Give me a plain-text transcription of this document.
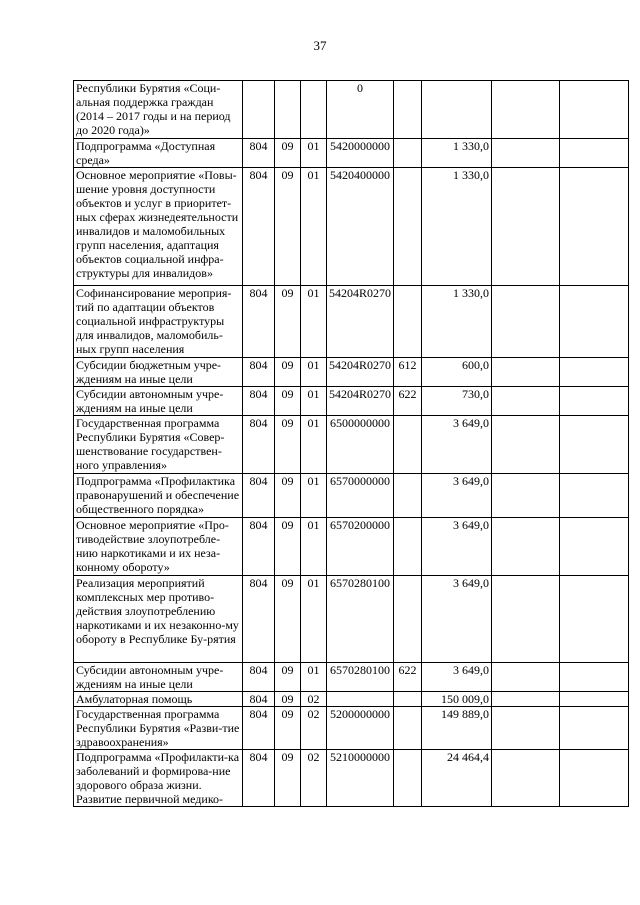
37
Республики Бурятия «Соци-альная поддержка граждан (2014 – 2017 годы и на период до 2020 года)»				0				
Подпрограмма «Доступная среда»	804	09	01	5420000000		1 330,0		
Основное мероприятие «Повы-шение уровня доступности объектов и услуг в приоритет-ных сферах жизнедеятельности инвалидов и маломобильных групп населения, адаптация объектов социальной инфра-структуры для инвалидов»	804	09	01	5420400000		1 330,0		
Софинансирование мероприя-тий по адаптации объектов социальной инфраструктуры для инвалидов, маломобиль-ных групп населения	804	09	01	54204R0270		1 330,0		
Субсидии бюджетным учре-ждениям на иные цели	804	09	01	54204R0270	612	600,0		
Субсидии автономным учре-ждениям на иные цели	804	09	01	54204R0270	622	730,0		
Государственная программа Республики Бурятия «Совер-шенствование государствен-ного управления»	804	09	01	6500000000		3 649,0		
Подпрограмма «Профилактика правонарушений и обеспечение общественного порядка»	804	09	01	6570000000		3 649,0		
Основное мероприятие «Про-тиводействие злоупотребле-нию наркотиками и их неза-конному обороту»	804	09	01	6570200000		3 649,0		
Реализация мероприятий комплексных мер противо-действия злоупотреблению наркотиками и их незаконно-му обороту в Республике Бу-рятия	804	09	01	6570280100		3 649,0		
Субсидии автономным учре-ждениям на иные цели	804	09	01	6570280100	622	3 649,0		
Амбулаторная помощь	804	09	02			150 009,0		
Государственная программа Республики Бурятия «Разви-тие здравоохранения»	804	09	02	5200000000		149 889,0		
Подпрограмма «Профилакти-ка заболеваний и формирова-ние здорового образа жизни. Развитие первичной медико-	804	09	02	5210000000		24 464,4		
